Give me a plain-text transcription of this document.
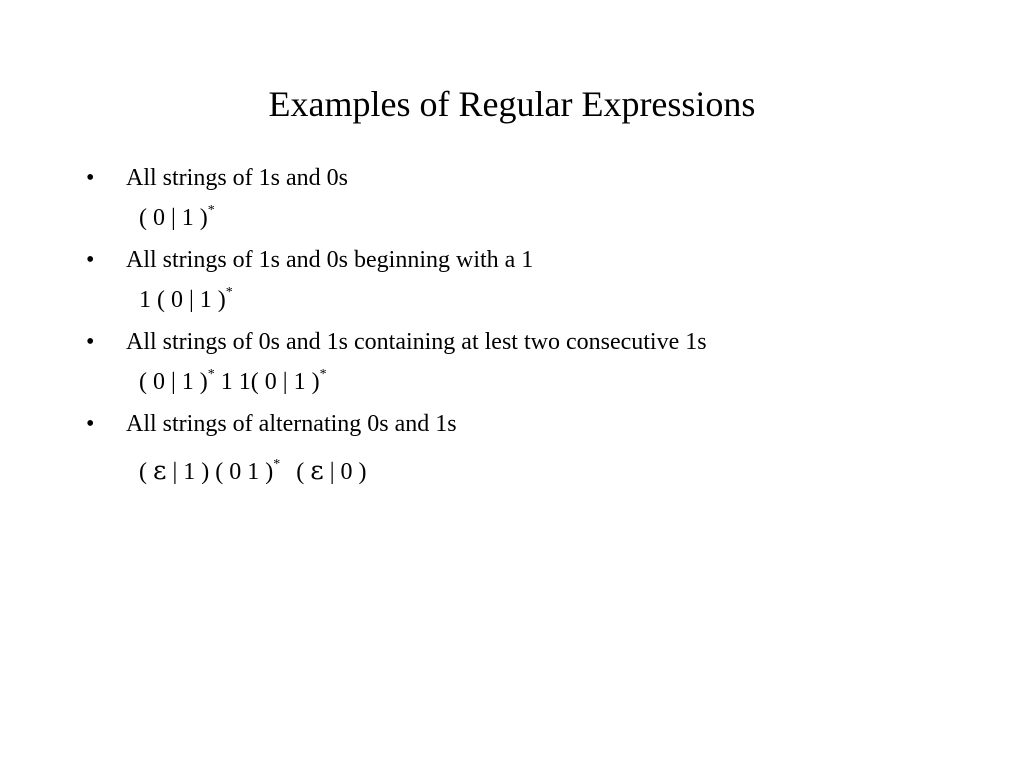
Examples of Regular Expressions
• All strings of 1s and 0s
( 0 | 1 )*
• All strings of 1s and 0s beginning with a 1
1 ( 0 | 1 )*
• All strings of 0s and 1s containing at lest two consecutive 1s
( 0 | 1 )* 1 1( 0 | 1 )*
• All strings of alternating 0s and 1s
( ε | 1 ) ( 0 1 )* ( ε | 0 )
